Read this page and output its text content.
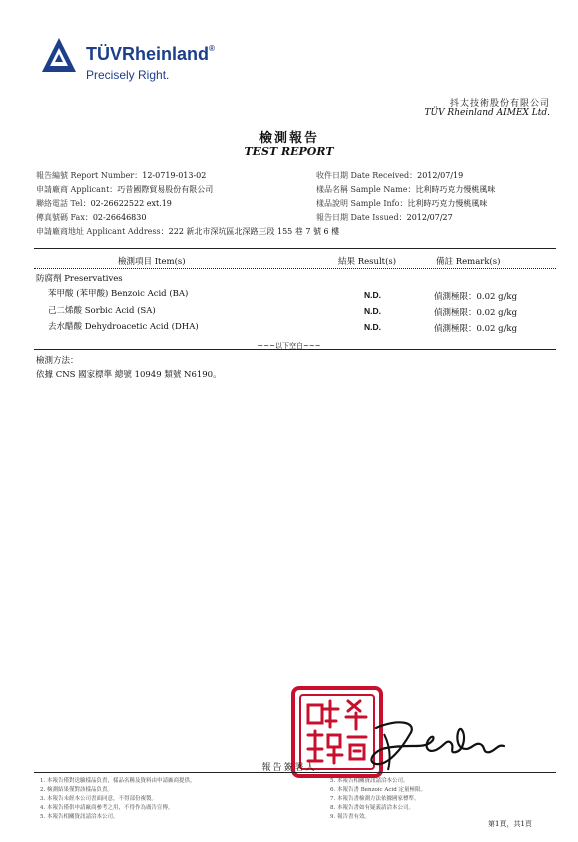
TÜVRheinland®
Precisely Right.
抖太技術股份有限公司
TÜV Rheinland AIMEX Ltd.
檢測報告
TEST REPORT
報告編號 Report Number：12-0719-013-02
申請廠商 Applicant：巧昔國際貿易股份有限公司
聯絡電話 Tel：02-26622522 ext.19
傳真號碼 Fax：02-26646830
申請廠商地址 Applicant Address：222 新北市深坑區北深路三段 155 巷 7 號 6 樓
收件日期 Date Received：2012/07/19
樣品名稱 Sample Name：比利時巧克力慢桃風味
樣品說明 Sample Info：比利時巧克力慢桃風味
報告日期 Date Issued：2012/07/27
檢測項目 Item(s)	結果 Result(s)	備註 Remark(s)
防腐劑 Preservatives
苯甲酸 (苯甲酸) Benzoic Acid (BA)	N.D.	偵測極限：0.02 g/kg
己二烯酸 Sorbic Acid (SA)	N.D.	偵測極限：0.02 g/kg
去水醋酸 Dehydroacetic Acid (DHA)	N.D.	偵測極限：0.02 g/kg
~~~以下空白~~~
檢測方法：
依據 CNS 國家標準 總號 10949 類號 N6190。
報告簽署人
1. 本報告僅對送驗樣品負責，樣品名稱及資料由申請廠商提供。
2. 檢測結果僅對該樣品負責。
3. 本報告未經本公司書面同意，不得部份複製。
4. 本報告僅供申請廠商參考之用，不得作為廣告宣傳。
5. 本報告相關資訊請洽本公司。
5. 本報告相關資訊請洽本公司。
6. 本報告書 Benzoic Acid 定量極限。
7. 本報告書檢測方法依據國家標準。
8. 本報告書如有疑義請洽本公司。
9. 報告書有效。
第1頁，共1頁
